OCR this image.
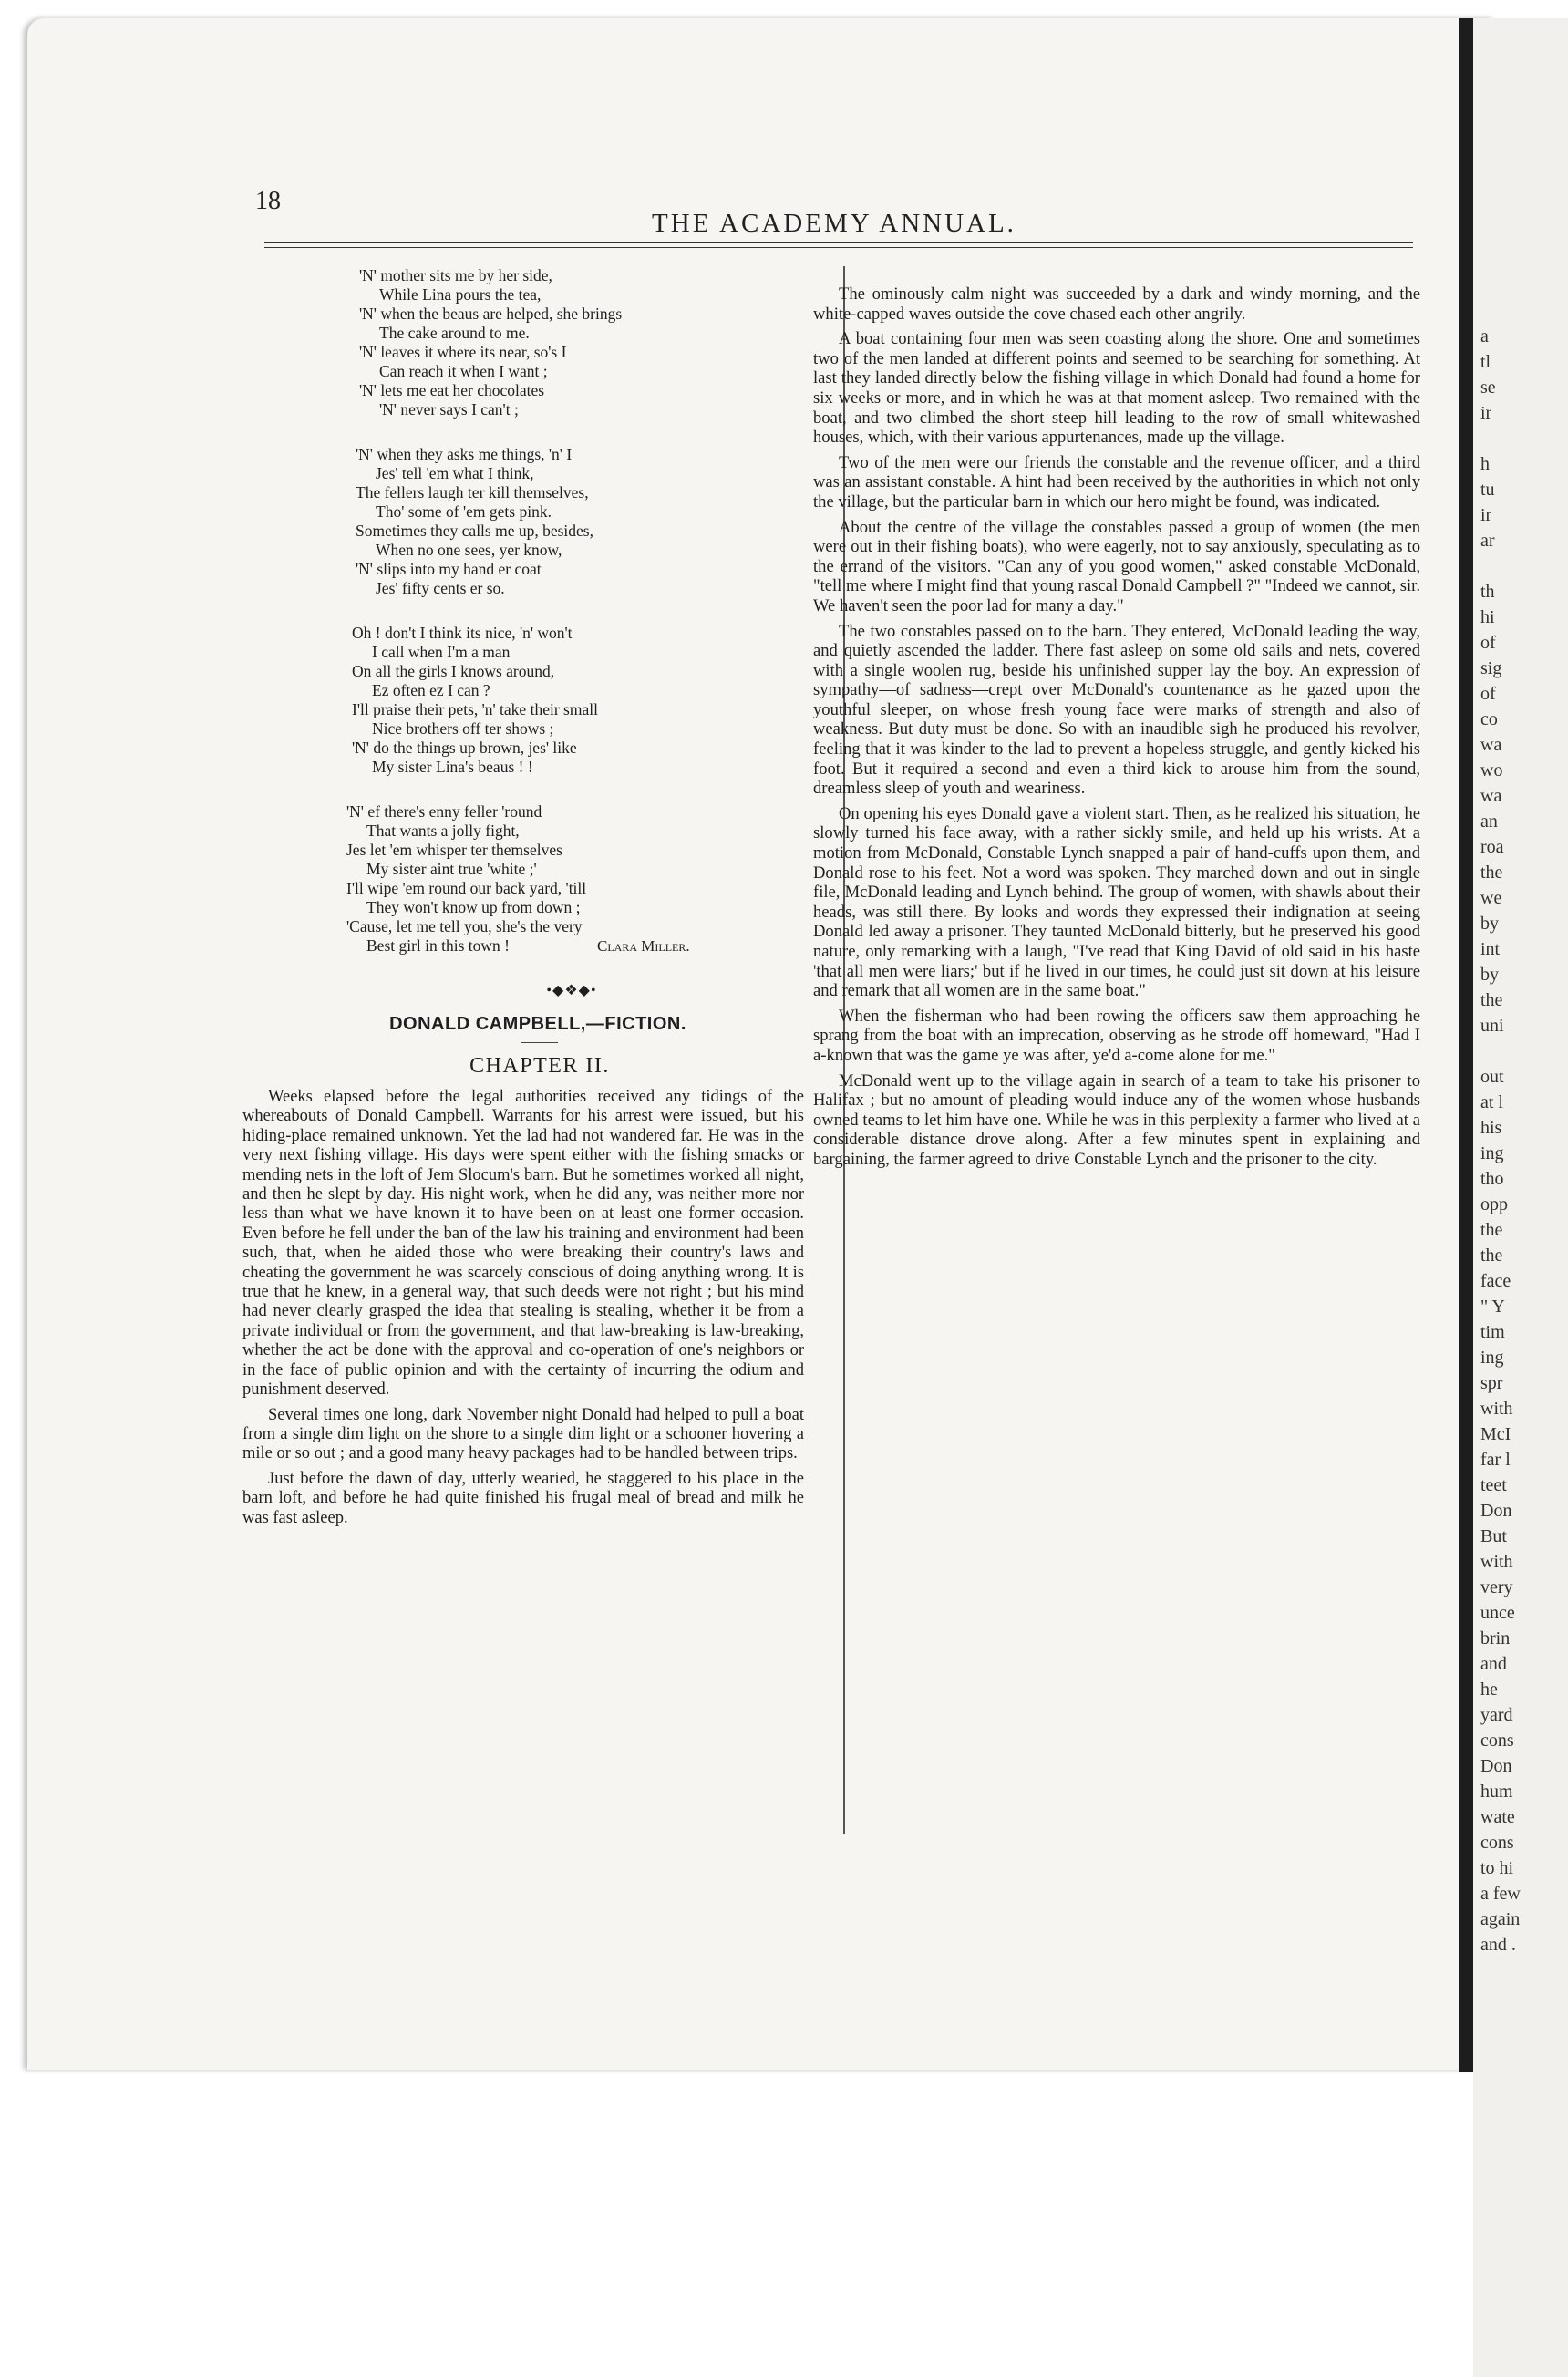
a
tl
se
ir

h
tu
ir
ar

th
hi
of
sig
of
co
wa
wo
wa
an
roa
the
we
by
int
by
the
uni

out
at l
his
ing
tho
opp
the
the
face
" Y
tim
ing
spr
with
McI
far l
teet
Don
But
with
very
unce
brin
and
he
yard
cons
Don
hum
wate
cons
to hi
a few
again
and .
18
THE ACADEMY ANNUAL.
'N' mother sits me by her side,
While Lina pours the tea,
'N' when the beaus are helped, she brings
The cake around to me.
'N' leaves it where its near, so's I
Can reach it when I want ;
'N' lets me eat her chocolates
'N' never says I can't ;
'N' when they asks me things, 'n' I
Jes' tell 'em what I think,
The fellers laugh ter kill themselves,
Tho' some of 'em gets pink.
Sometimes they calls me up, besides,
When no one sees, yer know,
'N' slips into my hand er coat
Jes' fifty cents er so.
Oh ! don't I think its nice, 'n' won't
I call when I'm a man
On all the girls I knows around,
Ez often ez I can ?
I'll praise their pets, 'n' take their small
Nice brothers off ter shows ;
'N' do the things up brown, jes' like
My sister Lina's beaus ! !
'N' ef there's enny feller 'round
That wants a jolly fight,
Jes let 'em whisper ter themselves
My sister aint true 'white ;'
I'll wipe 'em round our back yard, 'till
They won't know up from down ;
'Cause, let me tell you, she's the very
Best girl in this town !	Clara Miller.
•◆❖◆•
DONALD CAMPBELL,—FICTION.
CHAPTER II.

Weeks elapsed before the legal authorities received any tidings of the whereabouts of Donald Campbell. Warrants for his arrest were issued, but his hiding-place remained unknown. Yet the lad had not wandered far. He was in the very next fishing village. His days were spent either with the fishing smacks or mending nets in the loft of Jem Slocum's barn. But he sometimes worked all night, and then he slept by day. His night work, when he did any, was neither more nor less than what we have known it to have been on at least one former occasion. Even before he fell under the ban of the law his training and environment had been such, that, when he aided those who were breaking their country's laws and cheating the government he was scarcely conscious of doing anything wrong. It is true that he knew, in a general way, that such deeds were not right ; but his mind had never clearly grasped the idea that stealing is stealing, whether it be from a private individual or from the government, and that law-breaking is law-breaking, whether the act be done with the approval and co-operation of one's neighbors or in the face of public opinion and with the certainty of incurring the odium and punishment deserved.

Several times one long, dark November night Donald had helped to pull a boat from a single dim light on the shore to a single dim light or a schooner hovering a mile or so out ; and a good many heavy packages had to be handled between trips.

Just before the dawn of day, utterly wearied, he staggered to his place in the barn loft, and before he had quite finished his frugal meal of bread and milk he was fast asleep.

The ominously calm night was succeeded by a dark and windy morning, and the white-capped waves outside the cove chased each other angrily.

A boat containing four men was seen coasting along the shore. One and sometimes two of the men landed at different points and seemed to be searching for something. At last they landed directly below the fishing village in which Donald had found a home for six weeks or more, and in which he was at that moment asleep. Two remained with the boat, and two climbed the short steep hill leading to the row of small whitewashed houses, which, with their various appurtenances, made up the village.

Two of the men were our friends the constable and the revenue officer, and a third was an assistant constable. A hint had been received by the authorities in which not only the village, but the particular barn in which our hero might be found, was indicated.

About the centre of the village the constables passed a group of women (the men were out in their fishing boats), who were eagerly, not to say anxiously, speculating as to the errand of the visitors. "Can any of you good women," asked constable McDonald, "tell me where I might find that young rascal Donald Campbell ?" "Indeed we cannot, sir. We haven't seen the poor lad for many a day."

The two constables passed on to the barn. They entered, McDonald leading the way, and quietly ascended the ladder. There fast asleep on some old sails and nets, covered with a single woolen rug, beside his unfinished supper lay the boy. An expression of sympathy—of sadness—crept over McDonald's countenance as he gazed upon the youthful sleeper, on whose fresh young face were marks of strength and also of weakness. But duty must be done. So with an inaudible sigh he produced his revolver, feeling that it was kinder to the lad to prevent a hopeless struggle, and gently kicked his foot. But it required a second and even a third kick to arouse him from the sound, dreamless sleep of youth and weariness.

On opening his eyes Donald gave a violent start. Then, as he realized his situation, he slowly turned his face away, with a rather sickly smile, and held up his wrists. At a motion from McDonald, Constable Lynch snapped a pair of hand-cuffs upon them, and Donald rose to his feet. Not a word was spoken. They marched down and out in single file, McDonald leading and Lynch behind. The group of women, with shawls about their heads, was still there. By looks and words they expressed their indignation at seeing Donald led away a prisoner. They taunted McDonald bitterly, but he preserved his good nature, only remarking with a laugh, "I've read that King David of old said in his haste 'that all men were liars;' but if he lived in our times, he could just sit down at his leisure and remark that all women are in the same boat."

When the fisherman who had been rowing the officers saw them approaching he sprang from the boat with an imprecation, observing as he strode off homeward, "Had I a-known that was the game ye was after, ye'd a-come alone for me."

McDonald went up to the village again in search of a team to take his prisoner to Halifax ; but no amount of pleading would induce any of the women whose husbands owned teams to let him have one. While he was in this perplexity a farmer who lived at a considerable distance drove along. After a few minutes spent in explaining and bargaining, the farmer agreed to drive Constable Lynch and the prisoner to the city.
